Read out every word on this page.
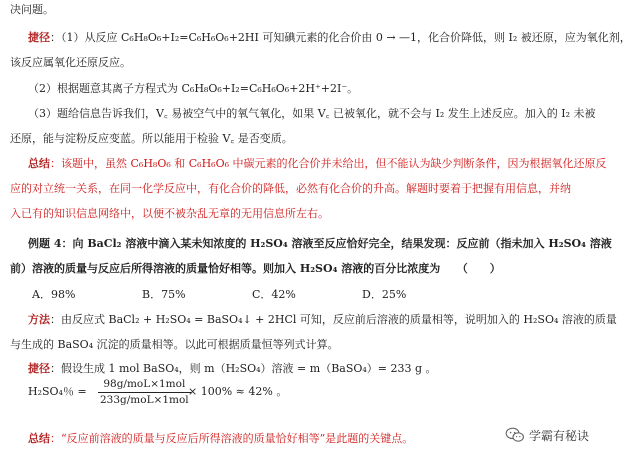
决问题。
捷径：（1）从反应 C₆H₈O₆+I₂=C₆H₆O₆+2HI 可知碘元素的化合价由 0 → —1，化合价降低，则 I₂ 被还原，应为氧化剂，
该反应属氧化还原反应。
（2）根据题意其离子方程式为 C₆H₈O₆+I₂=C₆H₆O₆+2H⁺+2I⁻。
（3）题给信息告诉我们，V꜀ 易被空气中的氧气氧化，如果 V꜀ 已被氧化，就不会与 I₂ 发生上述反应。加入的 I₂ 未被
还原，能与淀粉反应变蓝。所以能用于检验 V꜀ 是否变质。
总结：该题中，虽然 C₆H₈O₆ 和 C₆H₆O₆ 中碳元素的化合价并未给出，但不能认为缺少判断条件，因为根据氧化还原反
应的对立统一关系，在同一化学反应中，有化合价的降低，必然有化合价的升高。解题时要着于把握有用信息，并纳
入已有的知识信息网络中，以便不被杂乱无章的无用信息所左右。
例题 4：向 BaCl₂ 溶液中滴入某未知浓度的 H₂SO₄ 溶液至反应恰好完全，结果发现：反应前（指未加入 H₂SO₄ 溶液
前）溶液的质量与反应后所得溶液的质量恰好相等。则加入 H₂SO₄ 溶液的百分比浓度为　　（　　）
A．98%	B．75%	C．42%	D．25%
方法：由反应式 BaCl₂ + H₂SO₄ = BaSO₄↓ + 2HCl 可知，反应前后溶液的质量相等，说明加入的 H₂SO₄ 溶液的质量
与生成的 BaSO₄ 沉淀的质量相等。以此可根据质量恒等列式计算。
捷径：假设生成 1 mol BaSO₄，则 m（H₂SO₄）溶液 = m（BaSO₄）= 233 g 。
H₂SO₄％ =
98g/moL×1mol
233g/moL×1mol
× 100% ≈ 42% 。
总结：“反应前溶液的质量与反应后所得溶液的质量恰好相等”是此题的关键点。	学霸有秘诀
